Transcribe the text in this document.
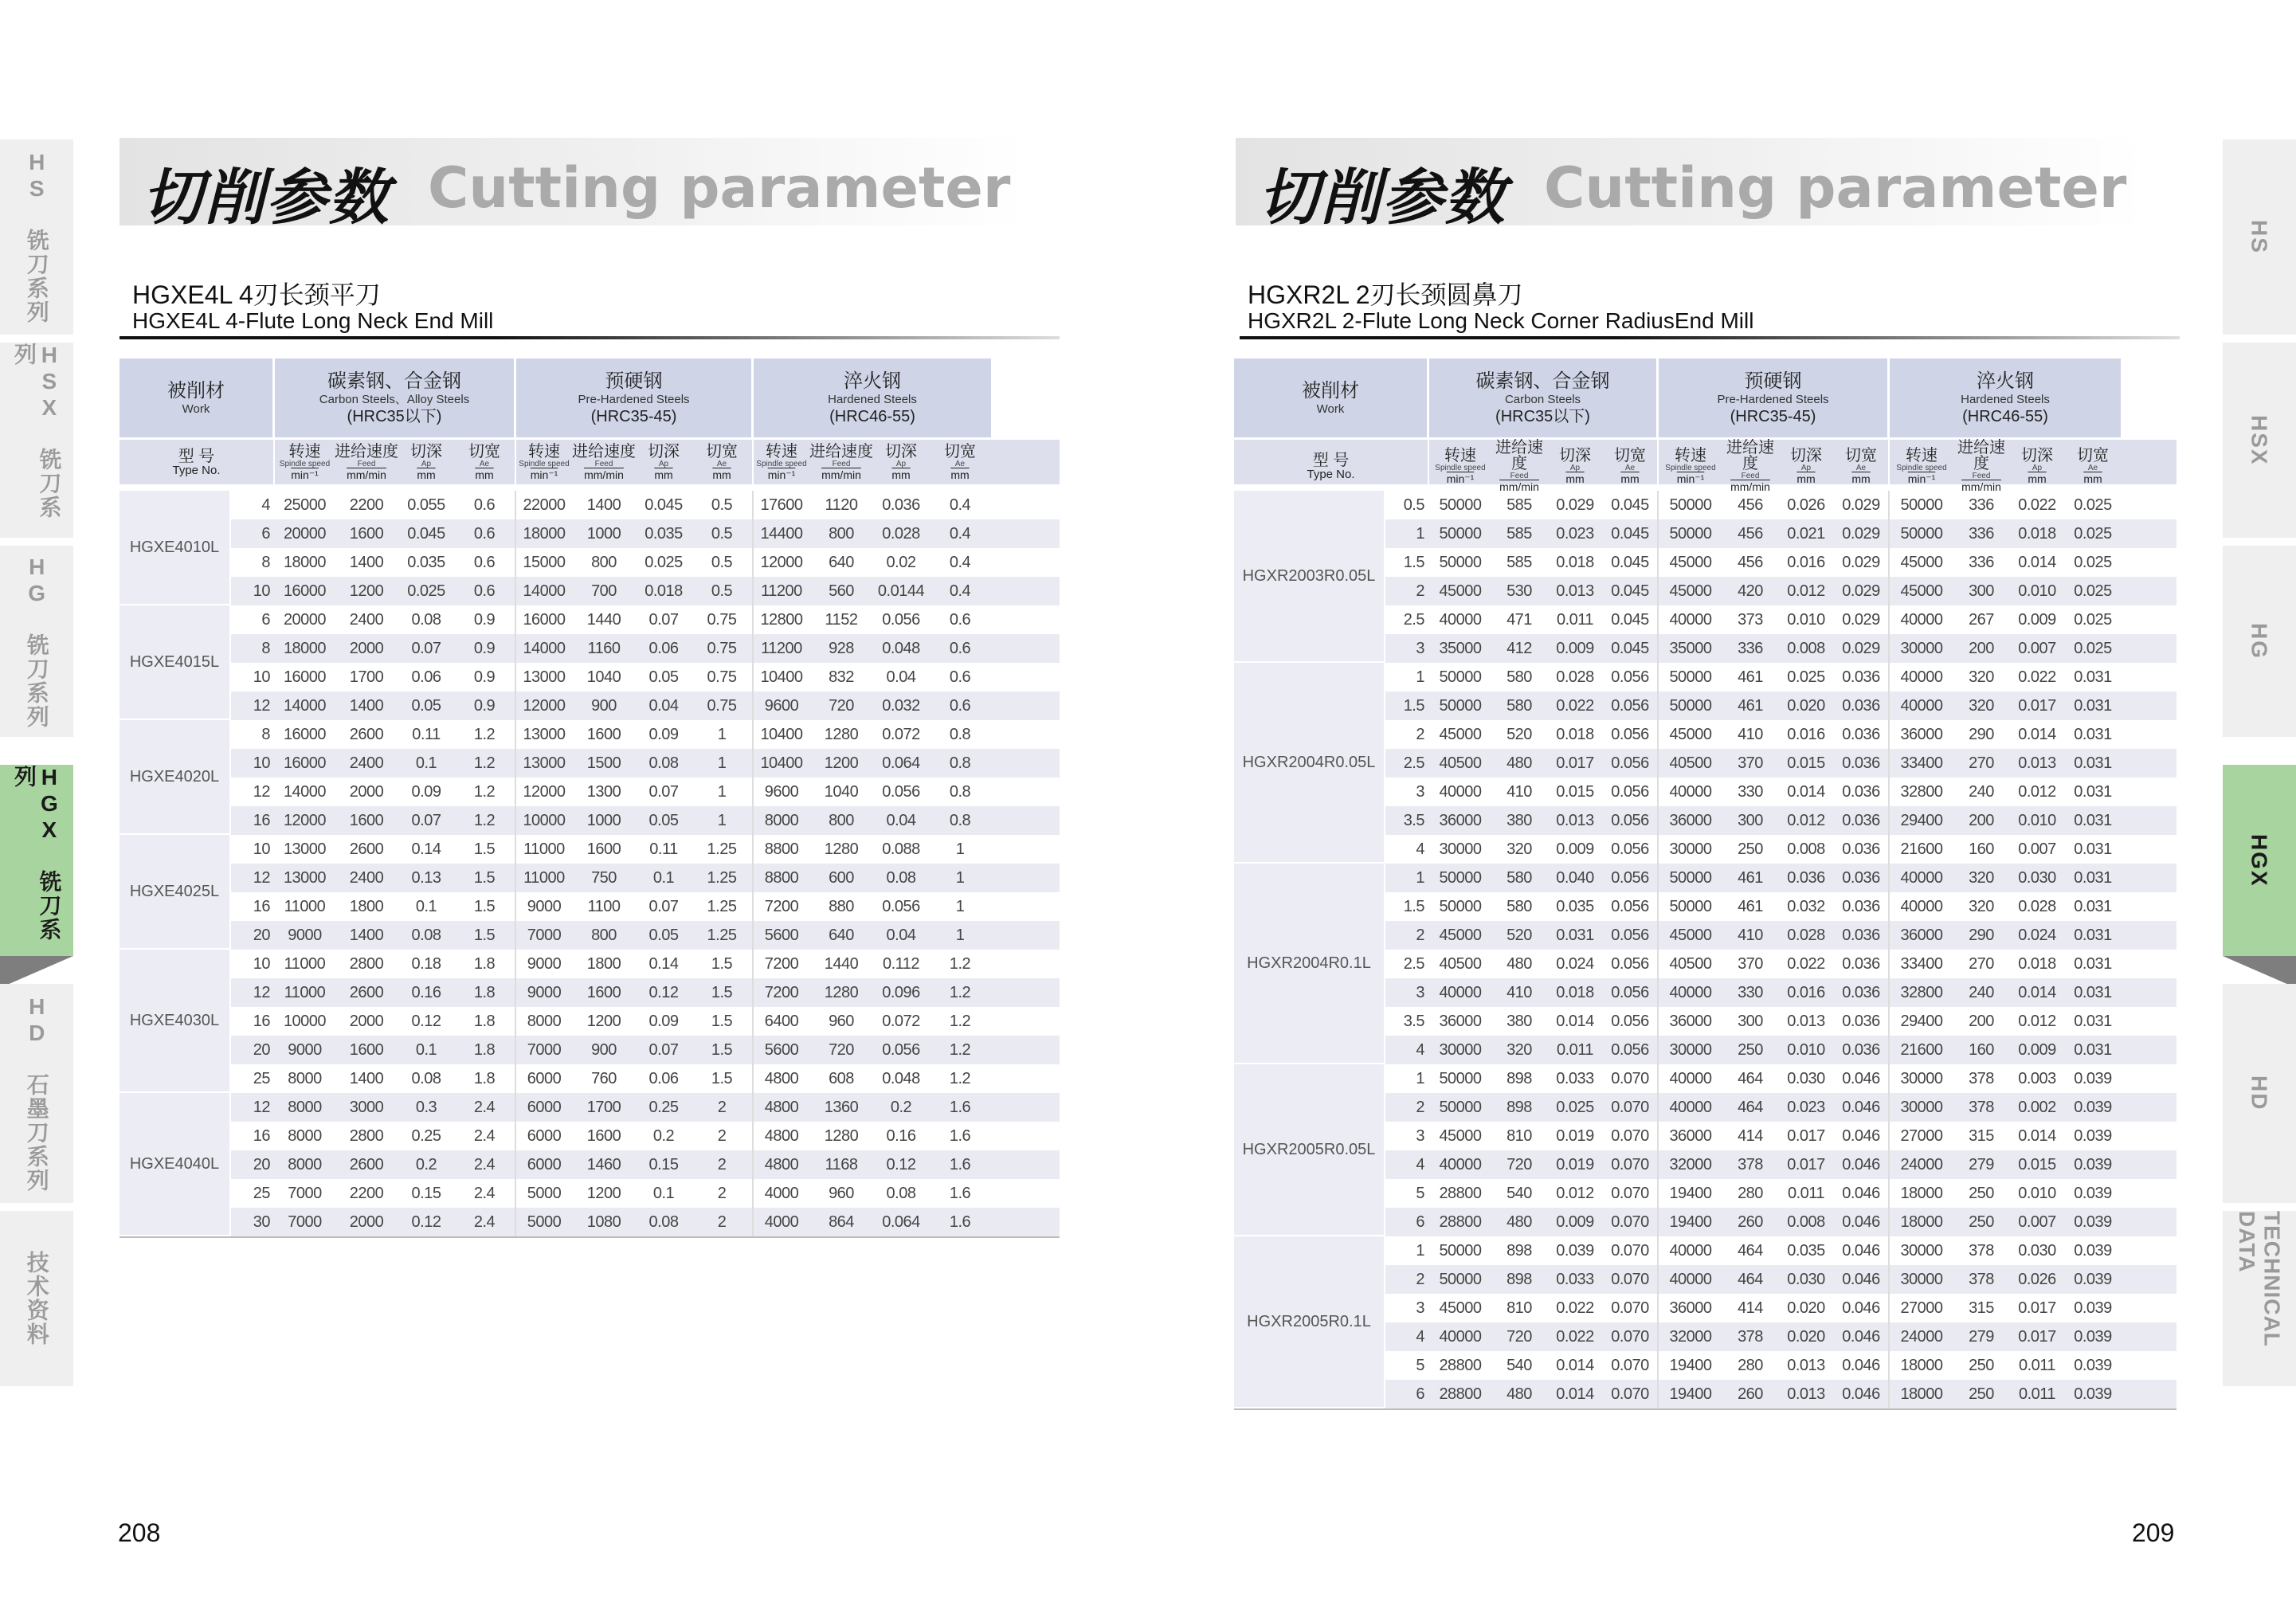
HS 铣刀系列
HSX 铣刀系列
HG 铣刀系列
HGX 铣刀系列
HD 石墨刀系列
技术资料
切削参数 Cutting parameter
HGXE4L 4刃长颈平刀
HGXE4L 4-Flute Long Neck End Mill
被削材
Work
碳素钢、合金钢
Carbon Steels、Alloy Steels
(HRC35以下)
预硬钢
Pre-Hardened Steels
(HRC35-45)
淬火钢
Hardened Steels
(HRC46-55)
型 号
Type No.
转速
Spindle speed
min⁻¹
进给速度
Feed
mm/min
切深
Ap
$\overline{mm}$
切宽
Ae
$\overline{mm}$
转速
Spindle speed
min⁻¹
进给速度
Feed
mm/min
切深
Ap
$\overline{mm}$
切宽
Ae
$\overline{mm}$
转速
Spindle speed
min⁻¹
进给速度
Feed
mm/min
切深
Ap
$\overline{mm}$
切宽
Ae
$\overline{mm}$
HGXE4010L
4 25000	2200	0.055	0.6	22000	1400	0.045	0.5	17600	1120	0.036	0.4
6 20000	1600	0.045	0.6	18000	1000	0.035	0.5	14400	800	0.028	0.4
8 18000	1400	0.035	0.6	15000	800	0.025	0.5	12000	640	0.02	0.4
10 16000	1200	0.025	0.6	14000	700	0.018	0.5	11200	560	0.0144	0.4
HGXE4015L
6 20000	2400	0.08	0.9	16000	1440	0.07	0.75	12800	1152	0.056	0.6
8 18000	2000	0.07	0.9	14000	1160	0.06	0.75	11200	928	0.048	0.6
10 16000	1700	0.06	0.9	13000	1040	0.05	0.75	10400	832	0.04	0.6
12 14000	1400	0.05	0.9	12000	900	0.04	0.75	9600	720	0.032	0.6
HGXE4020L
8 16000	2600	0.11	1.2	13000	1600	0.09	1	10400	1280	0.072	0.8
10 16000	2400	0.1	1.2	13000	1500	0.08	1	10400	1200	0.064	0.8
12 14000	2000	0.09	1.2	12000	1300	0.07	1	9600	1040	0.056	0.8
16 12000	1600	0.07	1.2	10000	1000	0.05	1	8000	800	0.04	0.8
HGXE4025L
10 13000	2600	0.14	1.5	11000	1600	0.11	1.25	8800	1280	0.088	1
12 13000	2400	0.13	1.5	11000	750	0.1	1.25	8800	600	0.08	1
16 11000	1800	0.1	1.5	9000	1100	0.07	1.25	7200	880	0.056	1
20	9000	1400	0.08	1.5	7000	800	0.05	1.25	5600	640	0.04	1
HGXE4030L
10 11000	2800	0.18	1.8	9000	1800	0.14	1.5	7200	1440	0.112	1.2
12 11000	2600	0.16	1.8	9000	1600	0.12	1.5	7200	1280	0.096	1.2
16 10000	2000	0.12	1.8	8000	1200	0.09	1.5	6400	960	0.072	1.2
20	9000	1600	0.1	1.8	7000	900	0.07	1.5	5600	720	0.056	1.2
25	8000	1400	0.08	1.8	6000	760	0.06	1.5	4800	608	0.048	1.2
HGXE4040L
12	8000	3000	0.3	2.4	6000	1700	0.25	2	4800	1360	0.2	1.6
16	8000	2800	0.25	2.4	6000	1600	0.2	2	4800	1280	0.16	1.6
20	8000	2600	0.2	2.4	6000	1460	0.15	2	4800	1168	0.12	1.6
25	7000	2200	0.15	2.4	5000	1200	0.1	2	4000	960	0.08	1.6
30	7000	2000	0.12	2.4	5000	1080	0.08	2	4000	864	0.064	1.6
208
HS
HSX
HG
HGX
HD
TECHNICAL DATA
切削参数 Cutting parameter
HGXR2L 2刃长颈圆鼻刀
HGXR2L 2-Flute Long Neck Corner RadiusEnd Mill
被削材
Work
碳素钢、合金钢
Carbon Steels
(HRC35以下)
预硬钢
Pre-Hardened Steels
(HRC35-45)
淬火钢
Hardened Steels
(HRC46-55)
型 号
Type No.
转速
Spindle speed
min⁻¹
进给速度
Feed
mm/min
切深
Ap
$\overline{mm}$
切宽
Ae
$\overline{mm}$
转速
Spindle speed
min⁻¹
进给速度
Feed
mm/min
切深
Ap
$\overline{mm}$
切宽
Ae
$\overline{mm}$
转速
Spindle speed
min⁻¹
进给速度
Feed
mm/min
切深
Ap
$\overline{mm}$
切宽
Ae
$\overline{mm}$
HGXR2003R0.05L
0.5 50000	585	0.029	0.045	50000	456	0.026	0.029	50000	336	0.022	0.025
1 50000	585	0.023	0.045	50000	456	0.021	0.029	50000	336	0.018	0.025
1.5 50000	585	0.018	0.045	45000	456	0.016	0.029	45000	336	0.014	0.025
2 45000	530	0.013	0.045	45000	420	0.012	0.029	45000	300	0.010	0.025
2.5 40000	471	0.011	0.045	40000	373	0.010	0.029	40000	267	0.009	0.025
3 35000	412	0.009	0.045	35000	336	0.008	0.029	30000	200	0.007	0.025
HGXR2004R0.05L
1 50000	580	0.028	0.056	50000	461	0.025	0.036	40000	320	0.022	0.031
1.5 50000	580	0.022	0.056	50000	461	0.020	0.036	40000	320	0.017	0.031
2 45000	520	0.018	0.056	45000	410	0.016	0.036	36000	290	0.014	0.031
2.5 40500	480	0.017	0.056	40500	370	0.015	0.036	33400	270	0.013	0.031
3 40000	410	0.015	0.056	40000	330	0.014	0.036	32800	240	0.012	0.031
3.5 36000	380	0.013	0.056	36000	300	0.012	0.036	29400	200	0.010	0.031
4 30000	320	0.009	0.056	30000	250	0.008	0.036	21600	160	0.007	0.031
HGXR2004R0.1L
1 50000	580	0.040	0.056	50000	461	0.036	0.036	40000	320	0.030	0.031
1.5 50000	580	0.035	0.056	50000	461	0.032	0.036	40000	320	0.028	0.031
2 45000	520	0.031	0.056	45000	410	0.028	0.036	36000	290	0.024	0.031
2.5 40500	480	0.024	0.056	40500	370	0.022	0.036	33400	270	0.018	0.031
3 40000	410	0.018	0.056	40000	330	0.016	0.036	32800	240	0.014	0.031
3.5 36000	380	0.014	0.056	36000	300	0.013	0.036	29400	200	0.012	0.031
4 30000	320	0.011	0.056	30000	250	0.010	0.036	21600	160	0.009	0.031
HGXR2005R0.05L
1 50000	898	0.033	0.070	40000	464	0.030	0.046	30000	378	0.003	0.039
2 50000	898	0.025	0.070	40000	464	0.023	0.046	30000	378	0.002	0.039
3 45000	810	0.019	0.070	36000	414	0.017	0.046	27000	315	0.014	0.039
4 40000	720	0.019	0.070	32000	378	0.017	0.046	24000	279	0.015	0.039
5 28800	540	0.012	0.070	19400	280	0.011	0.046	18000	250	0.010	0.039
6 28800	480	0.009	0.070	19400	260	0.008	0.046	18000	250	0.007	0.039
HGXR2005R0.1L
1 50000	898	0.039	0.070	40000	464	0.035	0.046	30000	378	0.030	0.039
2 50000	898	0.033	0.070	40000	464	0.030	0.046	30000	378	0.026	0.039
3 45000	810	0.022	0.070	36000	414	0.020	0.046	27000	315	0.017	0.039
4 40000	720	0.022	0.070	32000	378	0.020	0.046	24000	279	0.017	0.039
5 28800	540	0.014	0.070	19400	280	0.013	0.046	18000	250	0.011	0.039
6 28800	480	0.014	0.070	19400	260	0.013	0.046	18000	250	0.011	0.039
209
